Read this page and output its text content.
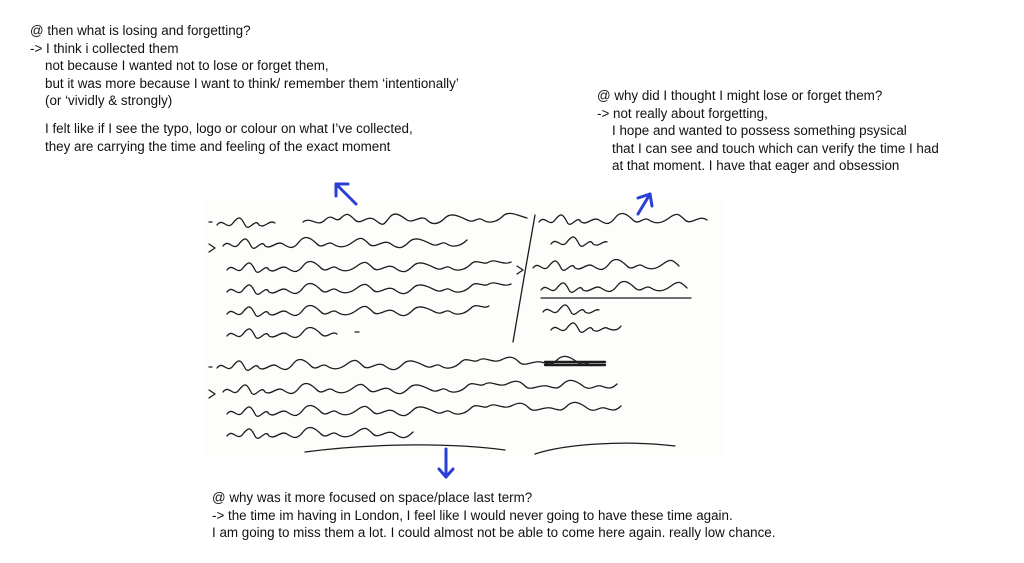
@ then what is losing and forgetting?
-> I think i collected them
not because I wanted not to lose or forget them,
but it was more because I want to think/ remember them ‘intentionally’
(or ‘vividly & strongly)
I felt like if I see the typo, logo or colour on what I’ve collected,
they are carrying the time and feeling of the exact moment
@ why did I thought I might lose or forget them?
-> not really about forgetting,
I hope and wanted to possess something psysical
that I can see and touch which can verify the time I had
at that moment. I have that eager and obsession
@ why was it more focused on space/place last term?
-> the time im having in London, I feel like I would never going to have these time again.
I am going to miss them a lot. I could almost not be able to come here again. really low chance.
